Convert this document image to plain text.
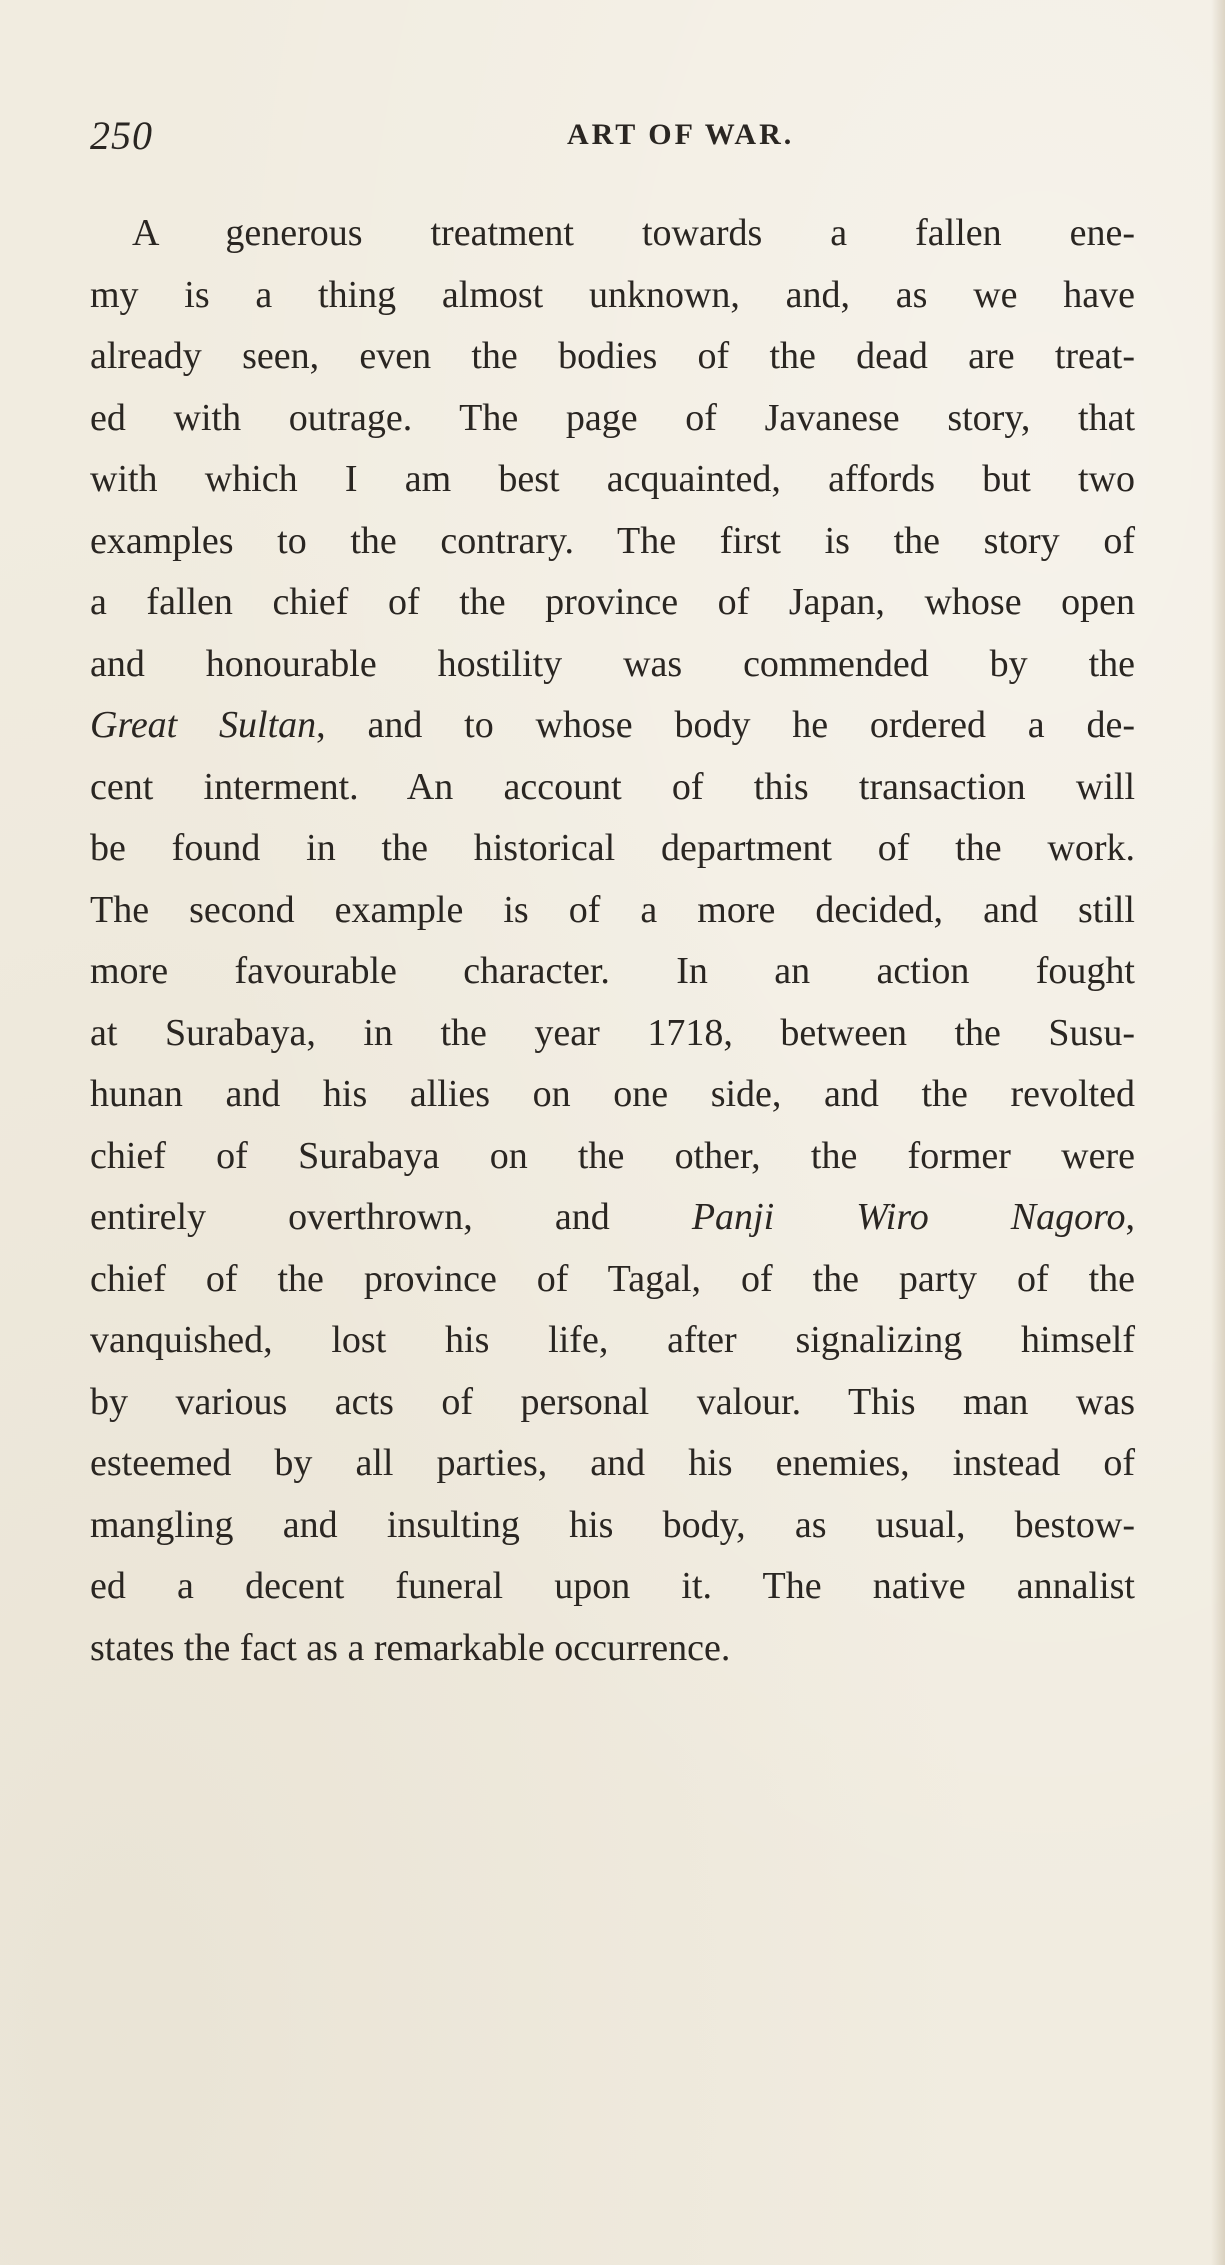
250	ART OF WAR.
A generous treatment towards a fallen ene-
my is a thing almost unknown, and, as we have
already seen, even the bodies of the dead are treat-
ed with outrage. The page of Javanese story, that
with which I am best acquainted, affords but two
examples to the contrary. The first is the story of
a fallen chief of the province of Japan, whose open
and honourable hostility was commended by the
Great Sultan, and to whose body he ordered a de-
cent interment. An account of this transaction will
be found in the historical department of the work.
The second example is of a more decided, and still
more favourable character. In an action fought
at Surabaya, in the year 1718, between the Susu-
hunan and his allies on one side, and the revolted
chief of Surabaya on the other, the former were
entirely overthrown, and Panji Wiro Nagoro,
chief of the province of Tagal, of the party of the
vanquished, lost his life, after signalizing himself
by various acts of personal valour. This man was
esteemed by all parties, and his enemies, instead of
mangling and insulting his body, as usual, bestow-
ed a decent funeral upon it. The native annalist
states the fact as a remarkable occurrence.
